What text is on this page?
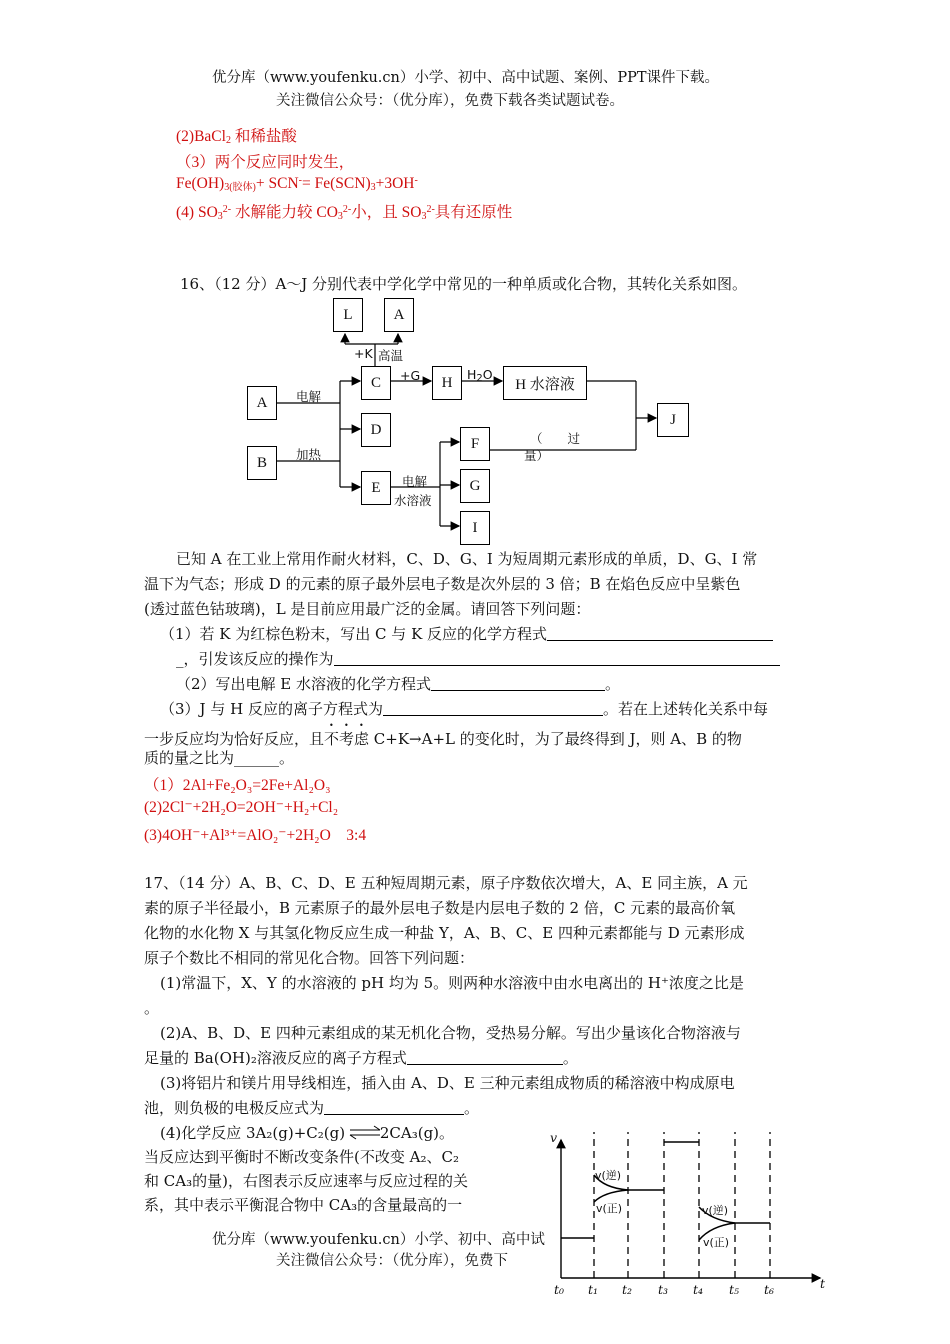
优分库（www.youfenku.cn）小学、初中、高中试题、案例、PPT课件下载。
关注微信公众号：（优分库），免费下载各类试题试卷。
(2)BaCl$_2$ 和稀盐酸
（3）两个反应同时发生，
$Fe(OH)_{3(胶体)}+ SCN^-= Fe(SCN)_3+3OH^-$
(4) $SO_3^{2-}$ 水解能力较 $CO_3^{2-}$小，且 $SO_3^{2-}$具有还原性
16、（12 分）A～J 分别代表中学化学中常见的一种单质或化合物，其转化关系如图。
L	A
A
B
C
D
E
H	H 水溶液
F
G
I
J
+K 高温
+G	$H_2O$
电解
加热
电解
水溶液
（　　过
量）
已知 A 在工业上常用作耐火材料，C、D、G、I 为短周期元素形成的单质，D、G、I 常
温下为气态；形成 D 的元素的原子最外层电子数是次外层的 3 倍；B 在焰色反应中呈紫色
(透过蓝色钴玻璃)，L 是目前应用最广泛的金属。请回答下列问题：
（1）若 K 为红棕色粉末，写出 C 与 K 反应的化学方程式
_，引发该反应的操作为
（2）写出电解 E 水溶液的化学方程式	。
（3）J 与 H 反应的离子方程式为	。若在上述转化关系中每
一步反应均为恰好反应，且不考虑 C+K→A+L 的变化时，为了最终得到 J，则 A、B 的物
质的量之比为______。
（1）2Al+Fe₂O₃=2Fe+Al₂O₃
(2)2Cl⁻+2H₂O=2OH⁻+H₂+Cl₂
(3)4OH⁻+Al³⁺=AlO₂⁻+2H₂O　3:4
17、（14 分）A、B、C、D、E 五种短周期元素，原子序数依次增大，A、E 同主族，A 元
素的原子半径最小，B 元素原子的最外层电子数是内层电子数的 2 倍，C 元素的最高价氧
化物的水化物 X 与其氢化物反应生成一种盐 Y，A、B、C、E 四种元素都能与 D 元素形成
原子个数比不相同的常见化合物。回答下列问题：
(1)常温下，X、Y 的水溶液的 pH 均为 5。则两种水溶液中由水电离出的 H⁺浓度之比是
。
(2)A、B、D、E 四种元素组成的某无机化合物，受热易分解。写出少量该化合物溶液与
足量的 Ba(OH)₂溶液反应的离子方程式	。
(3)将铝片和镁片用导线相连，插入由 A、D、E 三种元素组成物质的稀溶液中构成原电
池，则负极的电极反应式为	。
(4)化学反应 3A₂(g)+C₂(g)　　 2CA₃(g)。
当反应达到平衡时不断改变条件(不改变 A₂、C₂
和 CA₃的量)，右图表示反应速率与反应过程的关
系，其中表示平衡混合物中 CA₃的含量最高的一
优分库（www.youfenku.cn）小学、初中、高中试
关注微信公众号：（优分库），免费下
v
t
v(逆)
v(正)	v(逆)
v(正)
t₀ t₁ t₂ t₃ t₄ t₅ t₆
